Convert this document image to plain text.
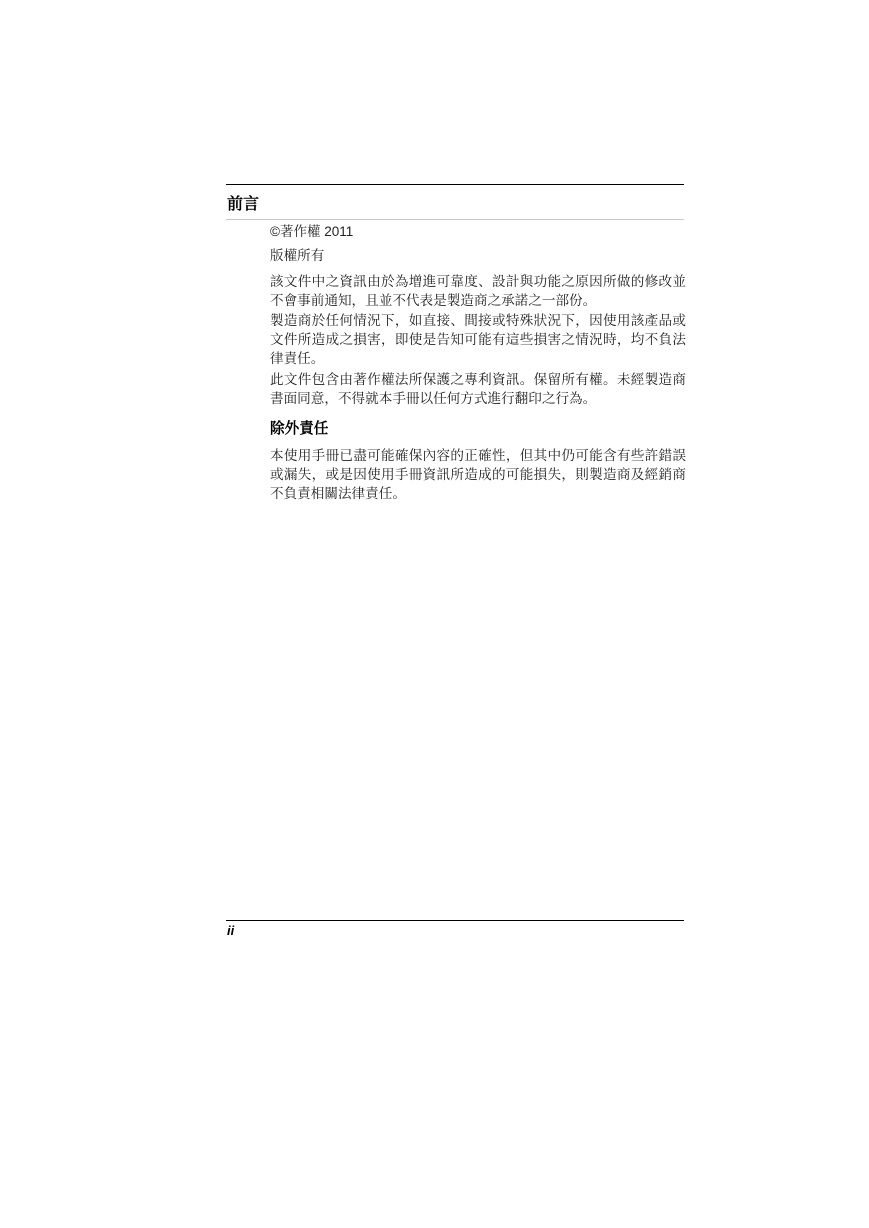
前言

©著作權 2011

版權所有

該文件中之資訊由於為增進可靠度、設計與功能之原因所做的修改並不會事前通知，且並不代表是製造商之承諾之一部份。

製造商於任何情況下，如直接、間接或特殊狀況下，因使用該產品或文件所造成之損害，即使是告知可能有這些損害之情況時，均不負法律責任。

此文件包含由著作權法所保護之專利資訊。保留所有權。未經製造商書面同意，不得就本手冊以任何方式進行翻印之行為。

除外責任

本使用手冊已盡可能確保內容的正確性，但其中仍可能含有些許錯誤或漏失，或是因使用手冊資訊所造成的可能損失，則製造商及經銷商不負責相關法律責任。

ii
